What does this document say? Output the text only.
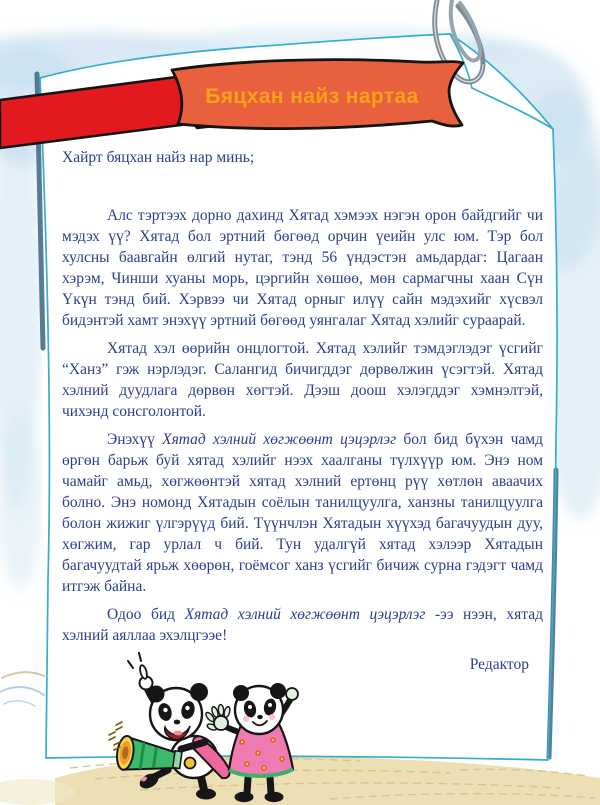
Бяцхан найз нартаа

Хайрт бяцхан найз нар минь;

Алс тэртээх дорно дахинд Хятад хэмээх нэгэн орон байдгийг чи мэдэх үү? Хятад бол эртний бөгөөд орчин үеийн улс юм. Тэр бол хулсны баавгайн өлгий нутаг, тэнд 56 үндэстэн амьдардаг: Цагаан хэрэм, Чинши хуаны морь, цэргийн хөшөө, мөн сармагчны хаан Сүн Үкүн тэнд бий. Хэрвээ чи Хятад орныг илүү сайн мэдэхийг хүсвэл бидэнтэй хамт энэхүү эртний бөгөөд уянгалаг Хятад хэлийг сураарай.

Хятад хэл өөрийн онцлогтой. Хятад хэлийг тэмдэглэдэг үсгийг “Ханз” гэж нэрлэдэг. Салангид бичигддэг дөрвөлжин үсэгтэй. Хятад хэлний дуудлага дөрвөн хөгтэй. Дээш доош хэлэгддэг хэмнэлтэй, чихэнд сонсголонтой.

Энэхүү Хятад хэлний хөгжөөнт цэцэрлэг бол бид бүхэн чамд өргөн барьж буй хятад хэлийг нээх хаалганы түлхүүр юм. Энэ ном чамайг амьд, хөгжөөнтэй хятад хэлний ертөнц рүү хөтлөн аваачих болно. Энэ номонд Хятадын соёлын танилцуулга, ханзны танилцуулга болон жижиг үлгэрүүд бий. Түүнчлэн Хятадын хүүхэд багачуудын дуу, хөгжим, гар урлал ч бий. Тун удалгүй хятад хэлээр Хятадын багачуудтай ярьж хөөрөн, гоёмсог ханз үсгийг бичиж сурна гэдэгт чамд итгэж байна.

Одоо бид Хятад хэлний хөгжөөнт цэцэрлэг -ээ нээн, хятад хэлний аяллаа эхэлцгээе!

Редактор
